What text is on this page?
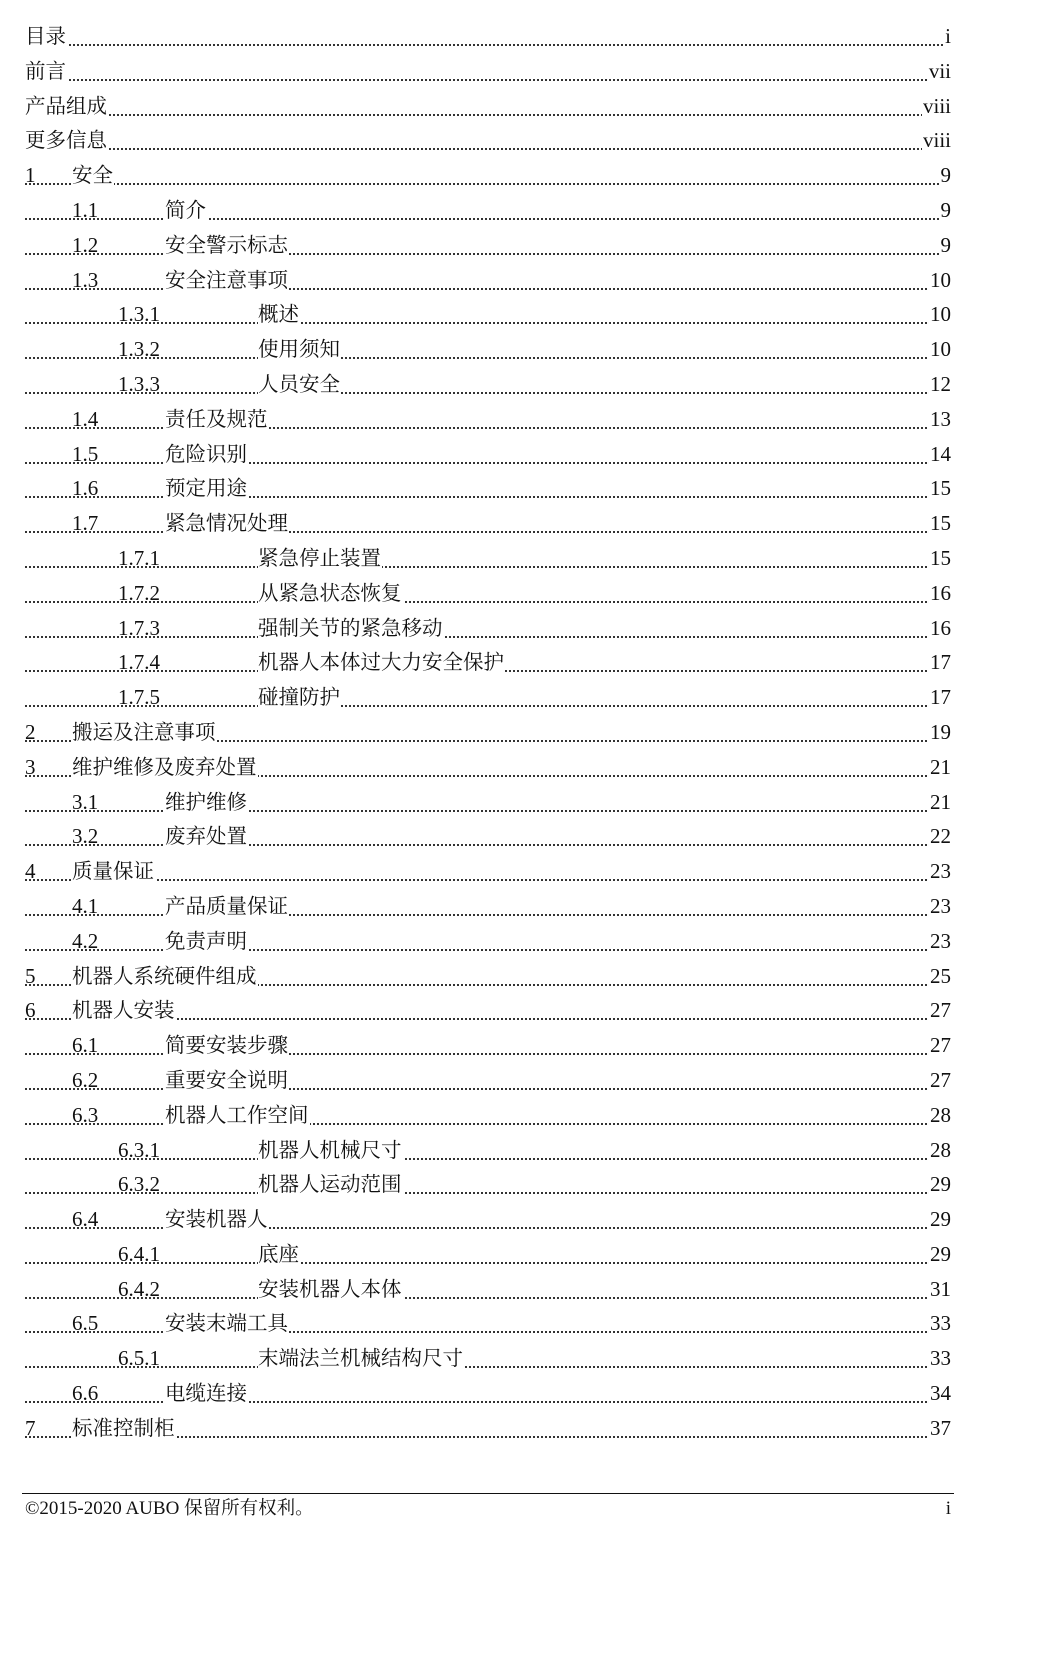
目录	i
前言	vii
产品组成	viii
更多信息	viii
1 安全	9
1.1	简介	9
1.2	安全警示标志	9
1.3	安全注意事项	10
1.3.1	概述	10
1.3.2	使用须知	10
1.3.3	人员安全	12
1.4	责任及规范	13
1.5	危险识别	14
1.6	预定用途	15
1.7	紧急情况处理	15
1.7.1	紧急停止装置	15
1.7.2	从紧急状态恢复	16
1.7.3	强制关节的紧急移动	16
1.7.4	机器人本体过大力安全保护	17
1.7.5	碰撞防护	17
2 搬运及注意事项	19
3 维护维修及废弃处置	21
3.1	维护维修	21
3.2	废弃处置	22
4 质量保证	23
4.1	产品质量保证	23
4.2	免责声明	23
5 机器人系统硬件组成	25
6 机器人安装	27
6.1	简要安装步骤	27
6.2	重要安全说明	27
6.3	机器人工作空间	28
6.3.1	机器人机械尺寸	28
6.3.2	机器人运动范围	29
6.4	安装机器人	29
6.4.1	底座	29
6.4.2	安装机器人本体	31
6.5	安装末端工具	33
6.5.1	末端法兰机械结构尺寸	33
6.6	电缆连接	34
7 标准控制柜	37
©2015-2020 AUBO 保留所有权利。	i
